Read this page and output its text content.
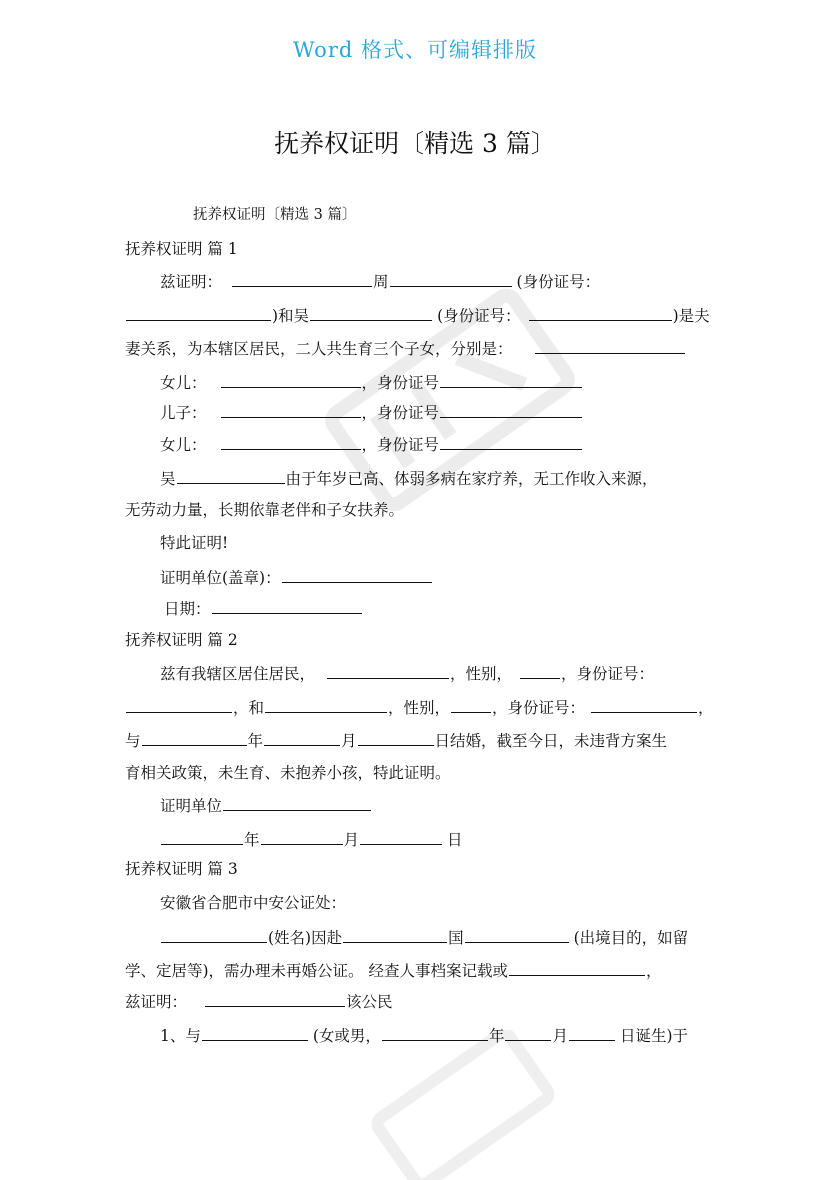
Word 格式、可编辑排版
抚养权证明〔精选 3 篇〕
抚养权证明〔精选 3 篇〕
抚养权证明 篇 1
兹证明：	周	(身份证号：
)和吴	(身份证号：	)是夫
妻关系，为本辖区居民，二人共生育三个子女，分别是：
女儿：	，身份证号
儿子：	，身份证号
女儿：	，身份证号
吴	由于年岁已高、体弱多病在家疗养，无工作收入来源，
无劳动力量，长期依靠老伴和子女扶养。
特此证明!
证明单位(盖章)：
日期：
抚养权证明 篇 2
兹有我辖区居住居民，	，性别，	，身份证号：
，和	，性别，	，身份证号：	，
与	年	月	日结婚，截至今日，未违背方案生
育相关政策，未生育、未抱养小孩，特此证明。
证明单位
年	月	日
抚养权证明 篇 3
安徽省合肥市中安公证处：
(姓名)因赴	国	(出境目的，如留
学、定居等)，需办理未再婚公证。 经查人事档案记载或	，
兹证明：	该公民
1、与	(女或男，	年	月	日诞生)于
